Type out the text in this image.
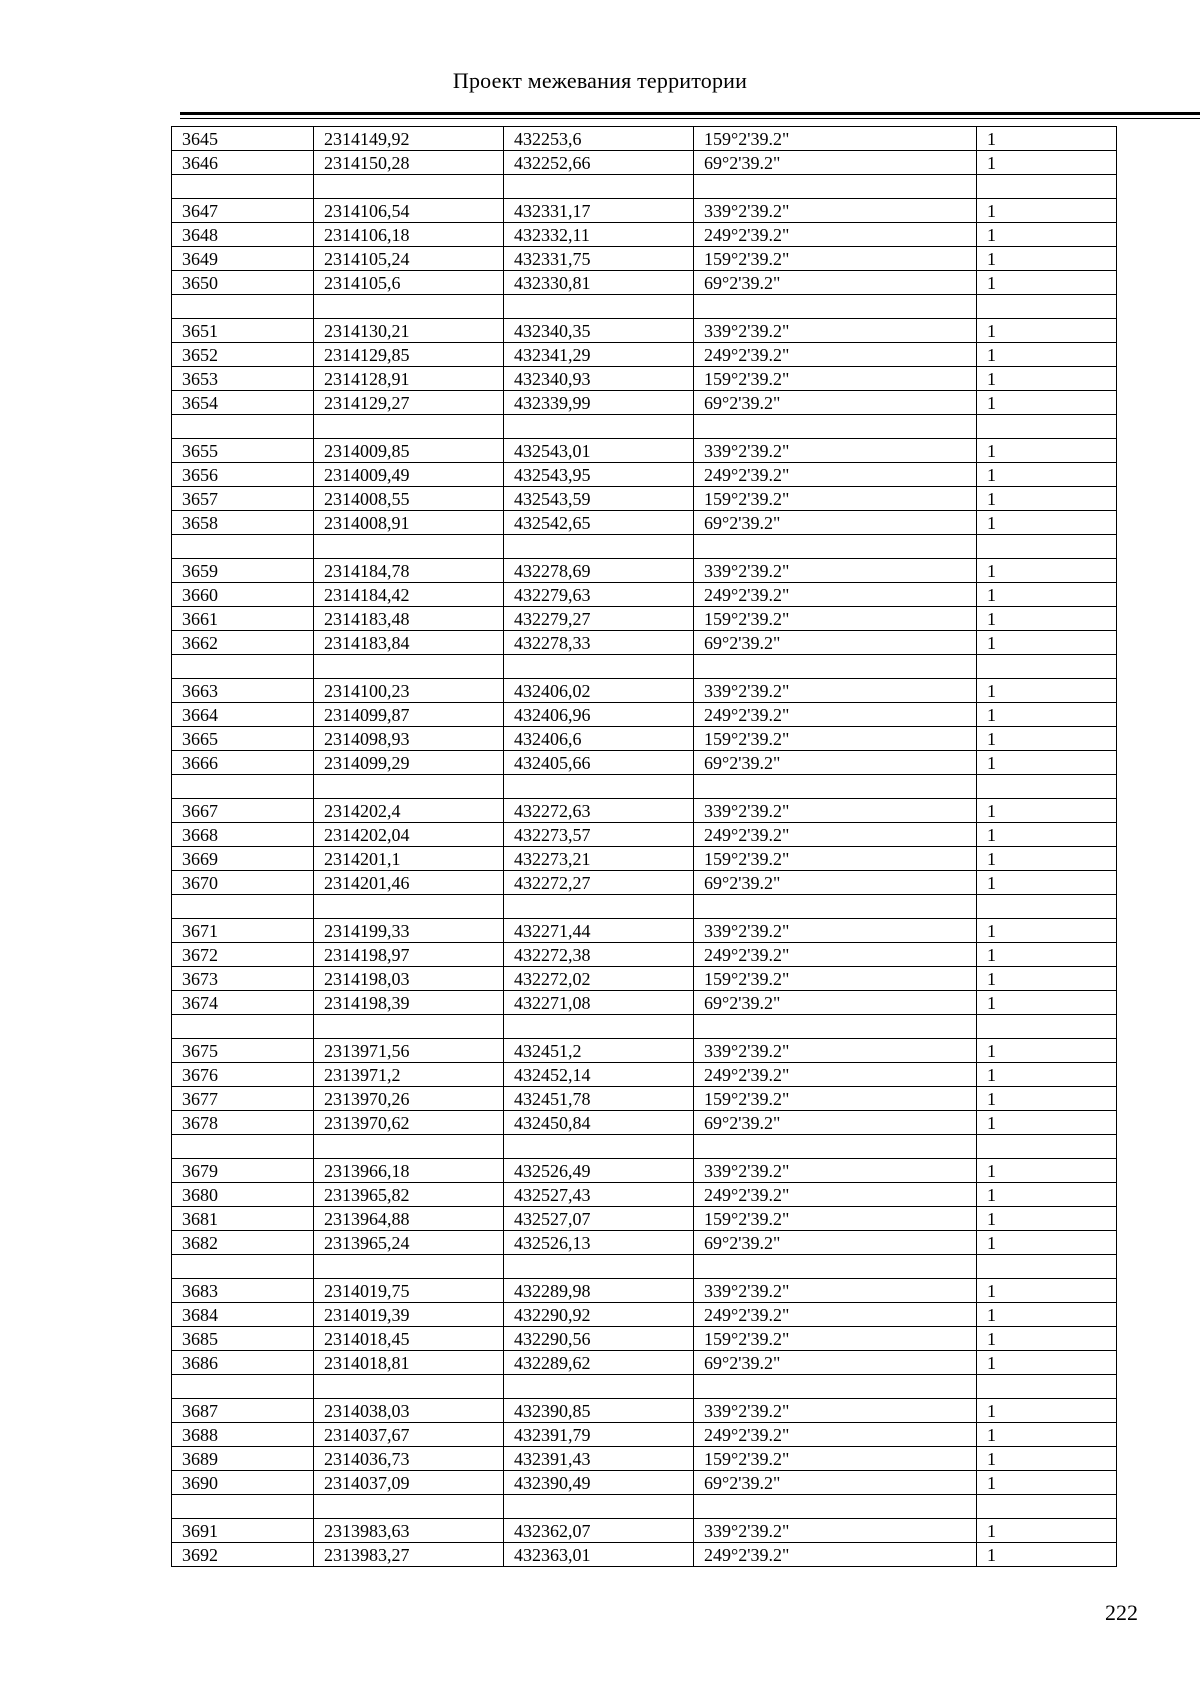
Проект межевания территории
3645	2314149,92	432253,6	159°2'39.2"	1
3646	2314150,28	432252,66	69°2'39.2"	1

3647	2314106,54	432331,17	339°2'39.2"	1
3648	2314106,18	432332,11	249°2'39.2"	1
3649	2314105,24	432331,75	159°2'39.2"	1
3650	2314105,6	432330,81	69°2'39.2"	1

3651	2314130,21	432340,35	339°2'39.2"	1
3652	2314129,85	432341,29	249°2'39.2"	1
3653	2314128,91	432340,93	159°2'39.2"	1
3654	2314129,27	432339,99	69°2'39.2"	1

3655	2314009,85	432543,01	339°2'39.2"	1
3656	2314009,49	432543,95	249°2'39.2"	1
3657	2314008,55	432543,59	159°2'39.2"	1
3658	2314008,91	432542,65	69°2'39.2"	1

3659	2314184,78	432278,69	339°2'39.2"	1
3660	2314184,42	432279,63	249°2'39.2"	1
3661	2314183,48	432279,27	159°2'39.2"	1
3662	2314183,84	432278,33	69°2'39.2"	1

3663	2314100,23	432406,02	339°2'39.2"	1
3664	2314099,87	432406,96	249°2'39.2"	1
3665	2314098,93	432406,6	159°2'39.2"	1
3666	2314099,29	432405,66	69°2'39.2"	1

3667	2314202,4	432272,63	339°2'39.2"	1
3668	2314202,04	432273,57	249°2'39.2"	1
3669	2314201,1	432273,21	159°2'39.2"	1
3670	2314201,46	432272,27	69°2'39.2"	1

3671	2314199,33	432271,44	339°2'39.2"	1
3672	2314198,97	432272,38	249°2'39.2"	1
3673	2314198,03	432272,02	159°2'39.2"	1
3674	2314198,39	432271,08	69°2'39.2"	1

3675	2313971,56	432451,2	339°2'39.2"	1
3676	2313971,2	432452,14	249°2'39.2"	1
3677	2313970,26	432451,78	159°2'39.2"	1
3678	2313970,62	432450,84	69°2'39.2"	1

3679	2313966,18	432526,49	339°2'39.2"	1
3680	2313965,82	432527,43	249°2'39.2"	1
3681	2313964,88	432527,07	159°2'39.2"	1
3682	2313965,24	432526,13	69°2'39.2"	1

3683	2314019,75	432289,98	339°2'39.2"	1
3684	2314019,39	432290,92	249°2'39.2"	1
3685	2314018,45	432290,56	159°2'39.2"	1
3686	2314018,81	432289,62	69°2'39.2"	1

3687	2314038,03	432390,85	339°2'39.2"	1
3688	2314037,67	432391,79	249°2'39.2"	1
3689	2314036,73	432391,43	159°2'39.2"	1
3690	2314037,09	432390,49	69°2'39.2"	1

3691	2313983,63	432362,07	339°2'39.2"	1
3692	2313983,27	432363,01	249°2'39.2"	1
222
